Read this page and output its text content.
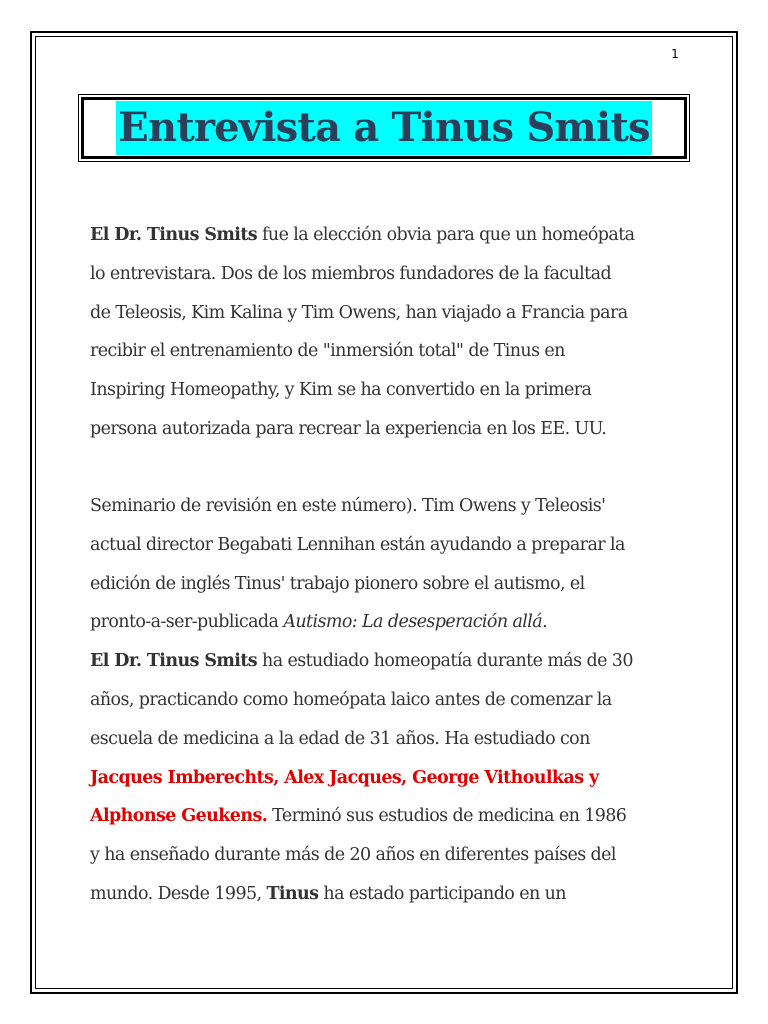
1
Entrevista a Tinus Smits
El Dr. Tinus Smits fue la elección obvia para que un homeópata
lo entrevistara. Dos de los miembros fundadores de la facultad
de Teleosis, Kim Kalina y Tim Owens, han viajado a Francia para
recibir el entrenamiento de "inmersión total" de Tinus en
Inspiring Homeopathy, y Kim se ha convertido en la primera
persona autorizada para recrear la experiencia en los EE. UU.
Seminario de revisión en este número). Tim Owens y Teleosis'
actual director Begabati Lennihan están ayudando a preparar la
edición de inglés Tinus' trabajo pionero sobre el autismo, el
pronto-a-ser-publicada Autismo: La desesperación allá.
El Dr. Tinus Smits ha estudiado homeopatía durante más de 30
años, practicando como homeópata laico antes de comenzar la
escuela de medicina a la edad de 31 años. Ha estudiado con
Jacques Imberechts, Alex Jacques, George Vithoulkas y
Alphonse Geukens. Terminó sus estudios de medicina en 1986
y ha enseñado durante más de 20 años en diferentes países del
mundo. Desde 1995, Tinus ha estado participando en un
